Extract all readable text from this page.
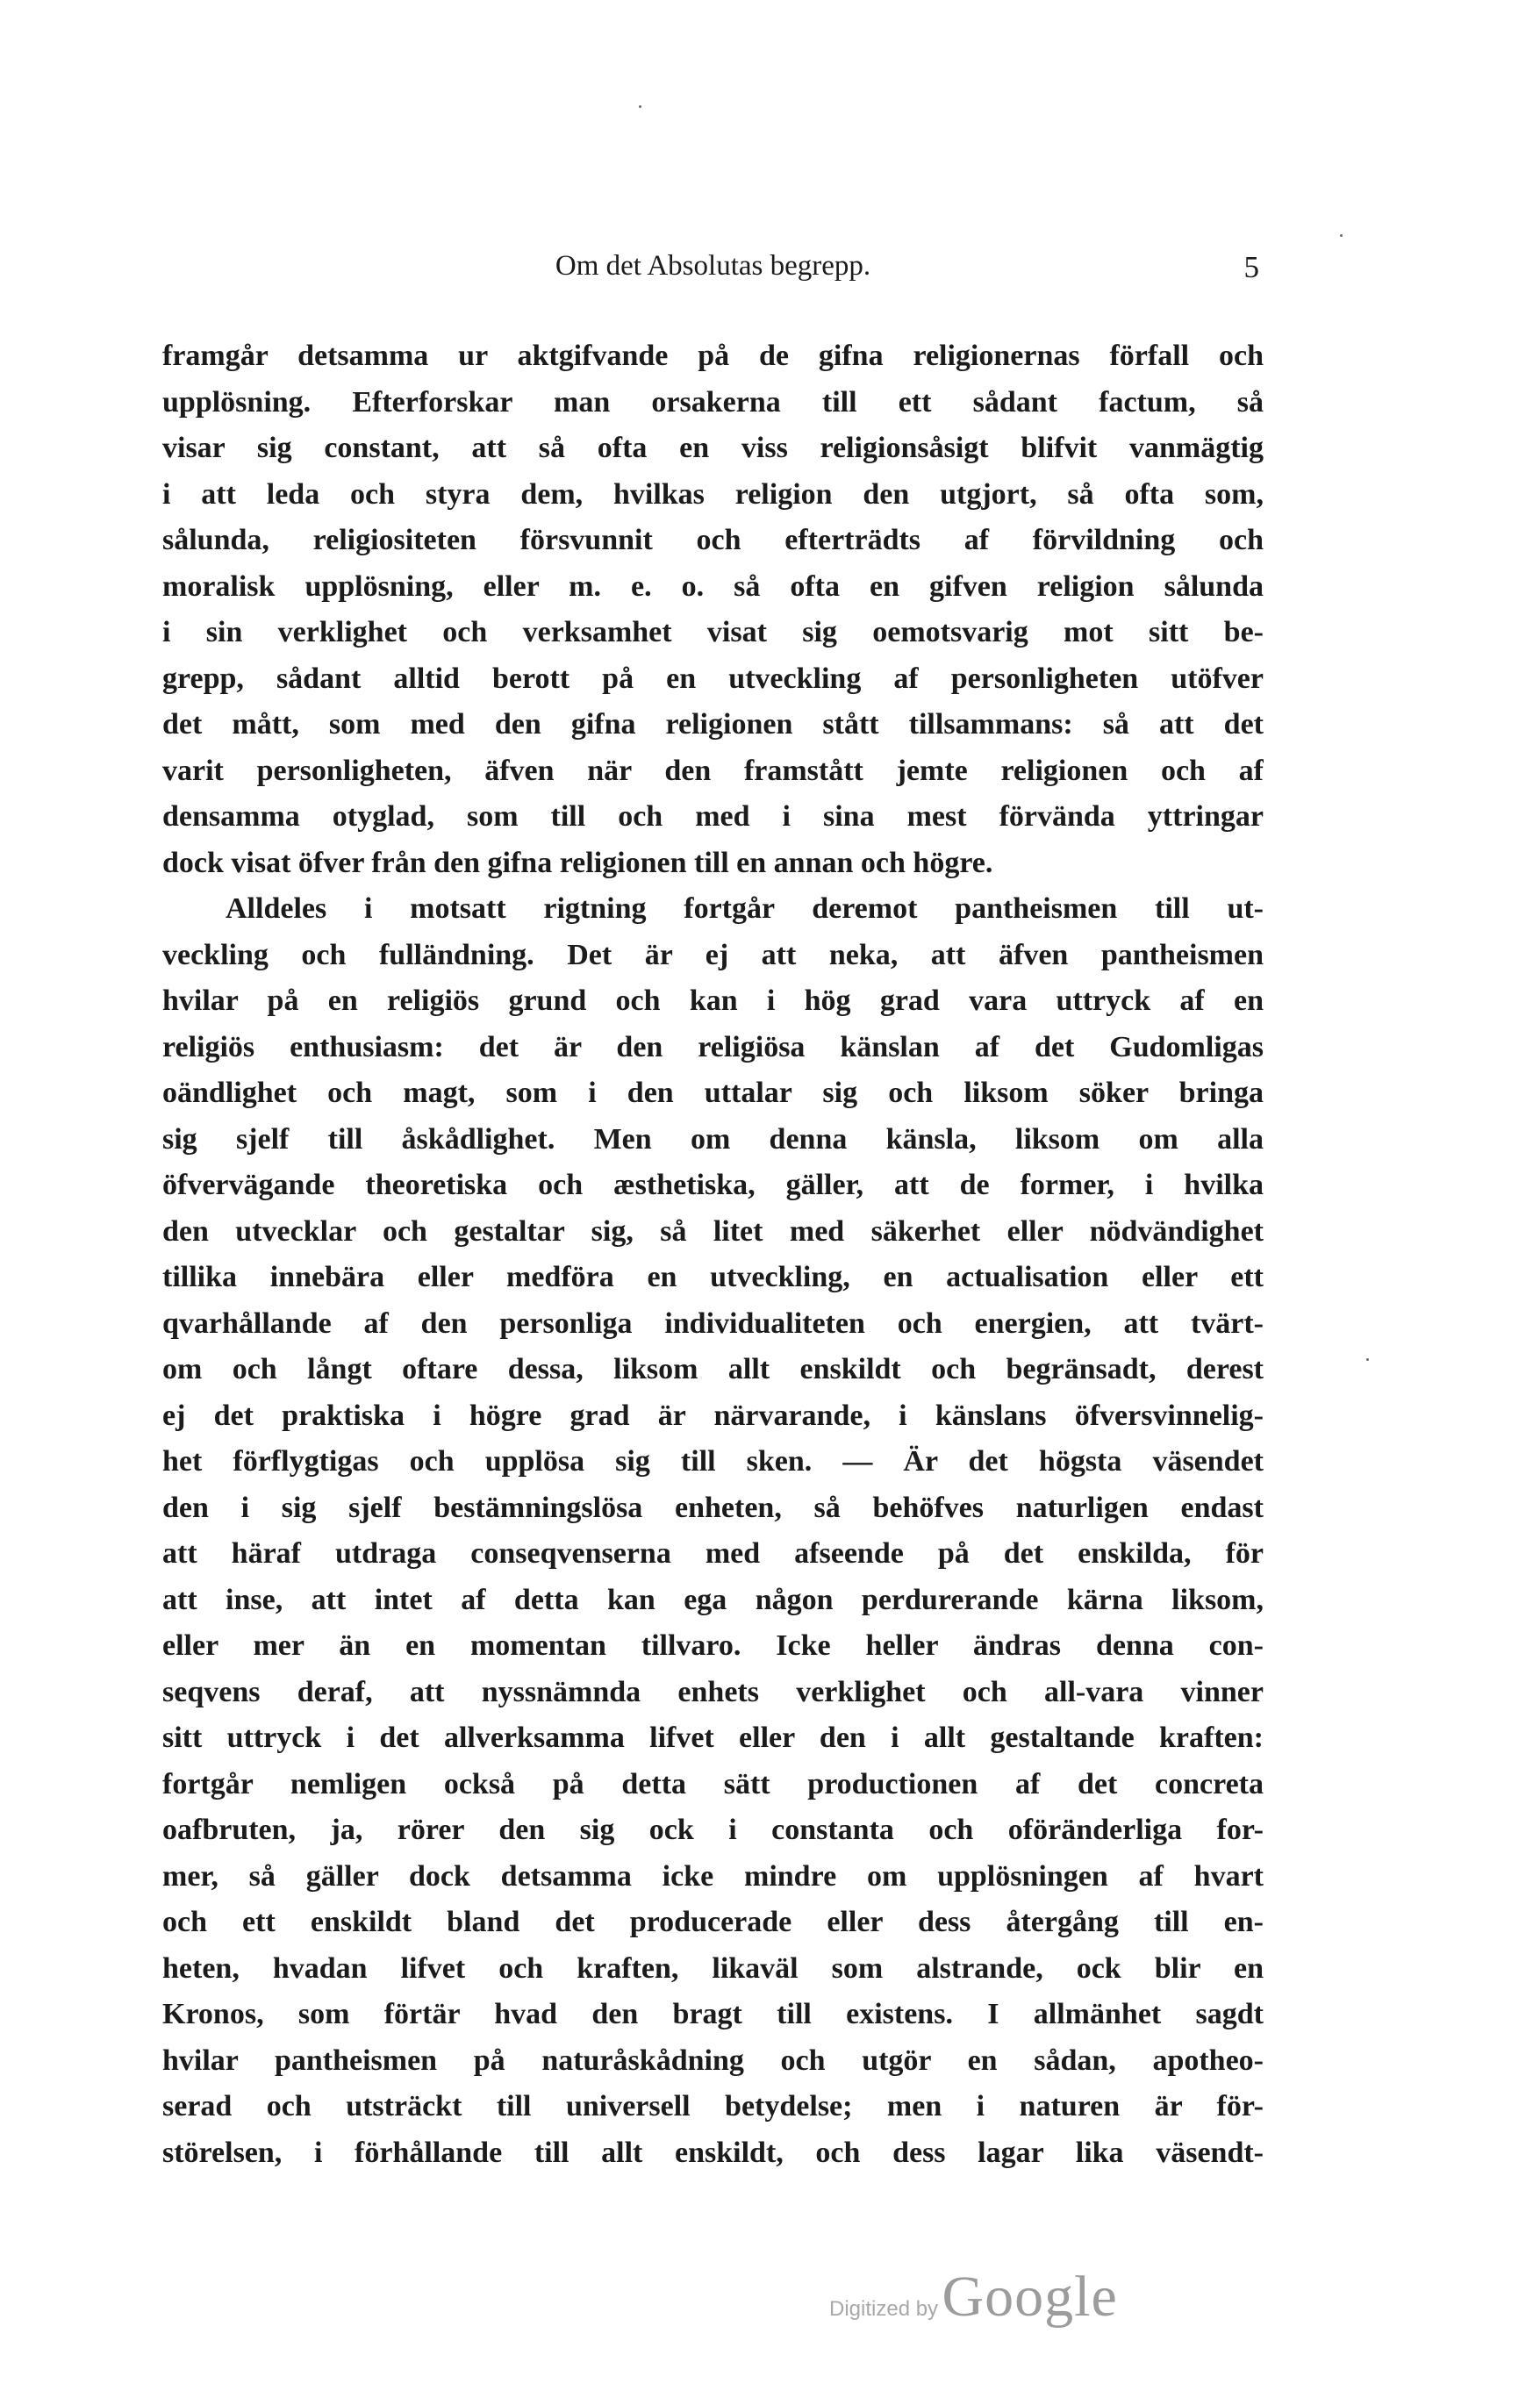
Om det Absolutas begrepp.	5
framgår detsamma ur aktgifvande på de gifna religionernas förfall och
upplösning. Efterforskar man orsakerna till ett sådant factum, så
visar sig constant, att så ofta en viss religionsåsigt blifvit vanmägtig
i att leda och styra dem, hvilkas religion den utgjort, så ofta som,
sålunda, religiositeten försvunnit och efterträdts af förvildning och
moralisk upplösning, eller m. e. o. så ofta en gifven religion sålunda
i sin verklighet och verksamhet visat sig oemotsvarig mot sitt be-
grepp, sådant alltid berott på en utveckling af personligheten utöfver
det mått, som med den gifna religionen stått tillsammans: så att det
varit personligheten, äfven när den framstått jemte religionen och af
densamma otyglad, som till och med i sina mest förvända yttringar
dock visat öfver från den gifna religionen till en annan och högre.
Alldeles i motsatt rigtning fortgår deremot pantheismen till ut-
veckling och fulländning. Det är ej att neka, att äfven pantheismen
hvilar på en religiös grund och kan i hög grad vara uttryck af en
religiös enthusiasm: det är den religiösa känslan af det Gudomligas
oändlighet och magt, som i den uttalar sig och liksom söker bringa
sig sjelf till åskådlighet. Men om denna känsla, liksom om alla
öfvervägande theoretiska och æsthetiska, gäller, att de former, i hvilka
den utvecklar och gestaltar sig, så litet med säkerhet eller nödvändighet
tillika innebära eller medföra en utveckling, en actualisation eller ett
qvarhållande af den personliga individualiteten och energien, att tvärt-
om och långt oftare dessa, liksom allt enskildt och begränsadt, derest
ej det praktiska i högre grad är närvarande, i känslans öfversvinnelig-
het förflygtigas och upplösa sig till sken. — Är det högsta väsendet
den i sig sjelf bestämningslösa enheten, så behöfves naturligen endast
att häraf utdraga conseqvenserna med afseende på det enskilda, för
att inse, att intet af detta kan ega någon perdurerande kärna liksom,
eller mer än en momentan tillvaro. Icke heller ändras denna con-
seqvens deraf, att nyssnämnda enhets verklighet och all-vara vinner
sitt uttryck i det allverksamma lifvet eller den i allt gestaltande kraften:
fortgår nemligen också på detta sätt productionen af det concreta
oafbruten, ja, rörer den sig ock i constanta och oföränderliga for-
mer, så gäller dock detsamma icke mindre om upplösningen af hvart
och ett enskildt bland det producerade eller dess återgång till en-
heten, hvadan lifvet och kraften, likaväl som alstrande, ock blir en
Kronos, som förtär hvad den bragt till existens. I allmänhet sagdt
hvilar pantheismen på naturåskådning och utgör en sådan, apotheo-
serad och utsträckt till universell betydelse; men i naturen är för-
störelsen, i förhållande till allt enskildt, och dess lagar lika väsendt-
Digitized by Google
